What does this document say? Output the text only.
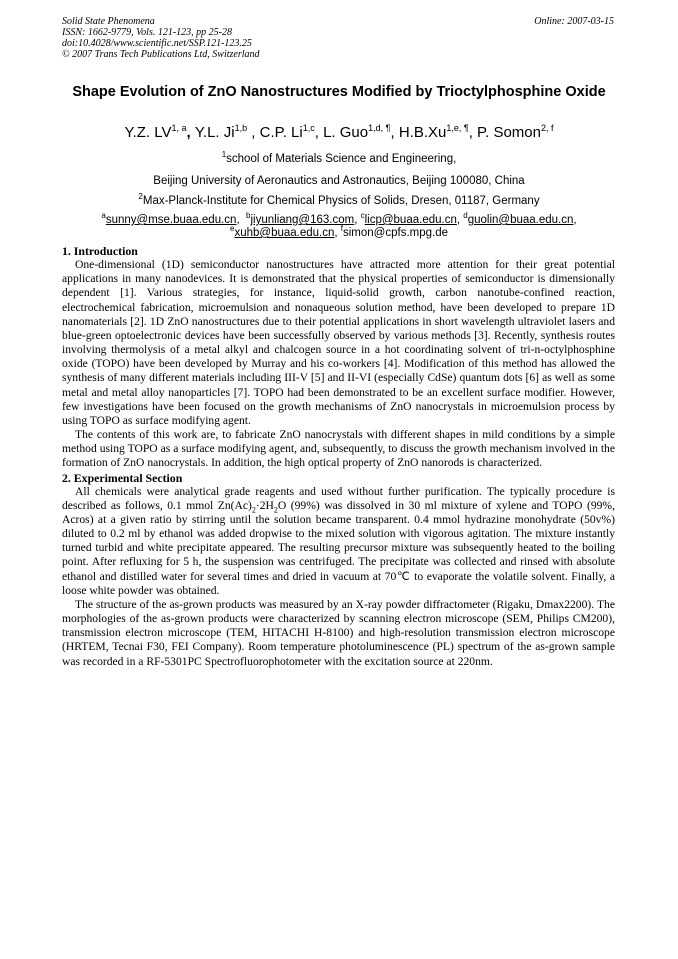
Solid State Phenomena
ISSN: 1662-9779, Vols. 121-123, pp 25-28
doi:10.4028/www.scientific.net/SSP.121-123.25
© 2007 Trans Tech Publications Ltd, Switzerland
Online: 2007-03-15
Shape Evolution of ZnO Nanostructures Modified by Trioctylphosphine Oxide
Y.Z. LV$^{1, a}$, Y.L. Ji$^{1,b}$ , C.P. Li$^{1,c}$, L. Guo$^{1,d, \P}$, $H.B.Xu^{1,e, \P}$, P. Somon$^{2, f}$
$^1$school of Materials Science and Engineering,
Beijing University of Aeronautics and Astronautics, Beijing 100080, China
$^2$Max-Planck-Institute for Chemical Physics of Solids, Dresen, 01187, Germany
$^a$sunny@mse.buaa.edu.cn,  $^b$jiyunliang@163.com, $^c$licp@buaa.edu.cn, $^d$guolin@buaa.edu.cn,
$^e$xuhb@buaa.edu.cn, $^f$simon@cpfs.mpg.de
1. Introduction

One-dimensional (1D) semiconductor nanostructures have attracted more attention for their great potential applications in many nanodevices. It is demonstrated that the physical properties of semiconductor is dimensionally dependent [1]. Various strategies, for instance, liquid-solid growth, carbon nanotube-confined reaction, electrochemical fabrication, microemulsion and nonaqueous solution method, have been developed to prepare 1D nanomaterials [2]. 1D ZnO nanostructures due to their potential applications in short wavelength ultraviolet lasers and blue-green optoelectronic devices have been successfully observed by various methods [3]. Recently, synthesis routes involving thermolysis of a metal alkyl and chalcogen source in a hot coordinating solvent of tri-n-octylphosphine oxide (TOPO) have been developed by Murray and his co-workers [4]. Modification of this method has allowed the synthesis of many different materials including III-V [5] and II-VI (especially CdSe) quantum dots [6] as well as some metal and metal alloy nanoparticles [7]. TOPO had been demonstrated to be an excellent surface modifier. However, few investigations have been focused on the growth mechanisms of ZnO nanocrystals in microemulsion process by using TOPO as surface modifying agent.

The contents of this work are, to fabricate ZnO nanocrystals with different shapes in mild conditions by a simple method using TOPO as a surface modifying agent, and, subsequently, to discuss the growth mechanism involved in the formation of ZnO nanocrystals. In addition, the high optical property of ZnO nanorods is characterized.

2. Experimental Section

All chemicals were analytical grade reagents and used without further purification. The typically procedure is described as follows, 0.1 mmol $Zn(Ac)_2\cdot 2H_2O$ (99%) was dissolved in 30 ml mixture of xylene and TOPO (99%, Acros) at a given ratio by stirring until the solution became transparent. 0.4 mmol hydrazine monohydrate (50v%) diluted to 0.2 ml by ethanol was added dropwise to the mixed solution with vigorous agitation. The mixture instantly turned turbid and white precipitate appeared. The resulting precursor mixture was subsequently heated to the boiling point. After refluxing for 5 h, the suspension was centrifuged. The precipitate was collected and rinsed with absolute ethanol and distilled water for several times and dried in vacuum at 70℃ to evaporate the volatile solvent. Finally, a loose white powder was obtained.

The structure of the as-grown products was measured by an X-ray powder diffractometer (Rigaku, Dmax2200). The morphologies of the as-grown products were characterized by scanning electron microscope (SEM, Philips CM200), transmission electron microscope (TEM, HITACHI H-8100) and high-resolution transmission electron microscope (HRTEM, Tecnai F30, FEI Company). Room temperature photoluminescence (PL) spectrum of the as-grown sample was recorded in a RF-5301PC Spectrofluorophotometer with the excitation source at 220nm.
